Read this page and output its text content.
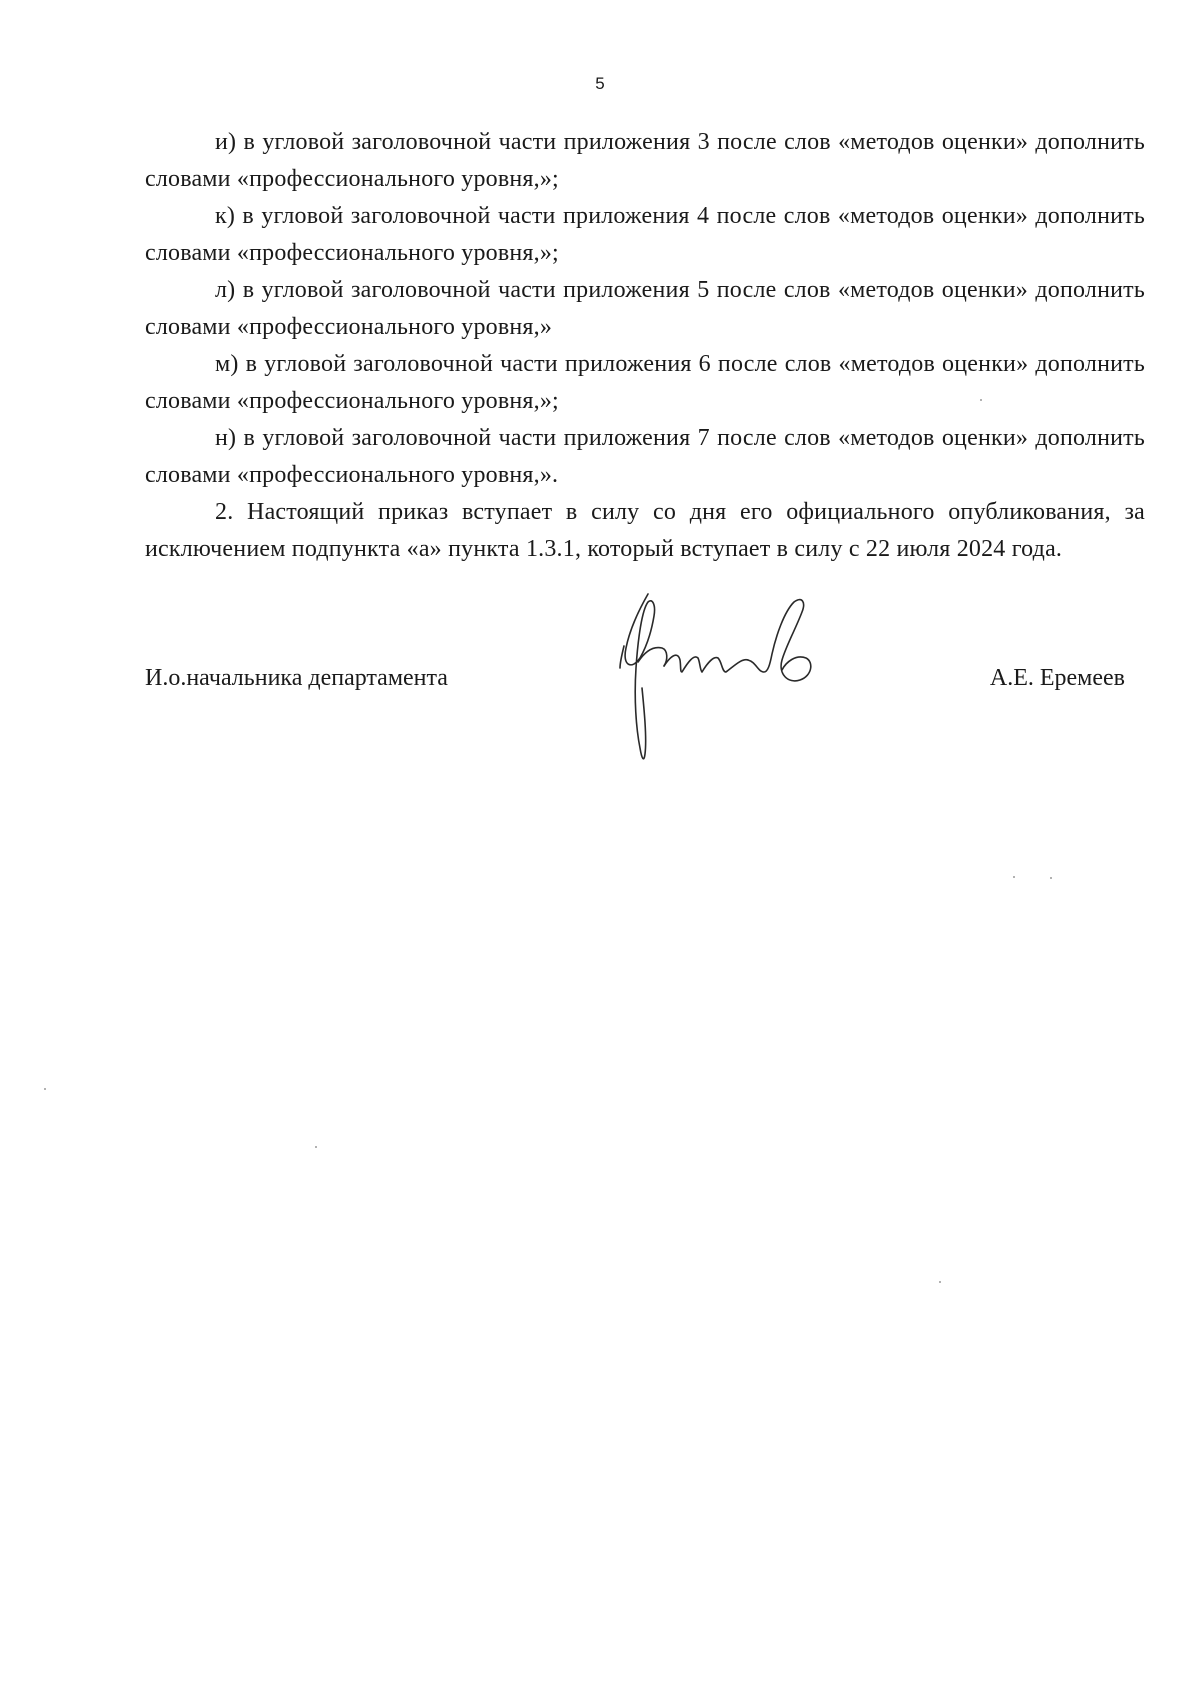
5

и) в угловой заголовочной части приложения 3 после слов «методов оценки» дополнить словами «профессионального уровня,»;

к) в угловой заголовочной части приложения 4 после слов «методов оценки» дополнить словами «профессионального уровня,»;

л) в угловой заголовочной части приложения 5 после слов «методов оценки» дополнить словами «профессионального уровня,»

м) в угловой заголовочной части приложения 6 после слов «методов оценки» дополнить словами «профессионального уровня,»;

н) в угловой заголовочной части приложения 7 после слов «методов оценки» дополнить словами «профессионального уровня,».

2. Настоящий приказ вступает в силу со дня его официального опубликования, за исключением подпункта «а» пункта 1.3.1, который вступает в силу с 22 июля 2024 года.

И.о.начальника департамента	А.Е. Еремеев
